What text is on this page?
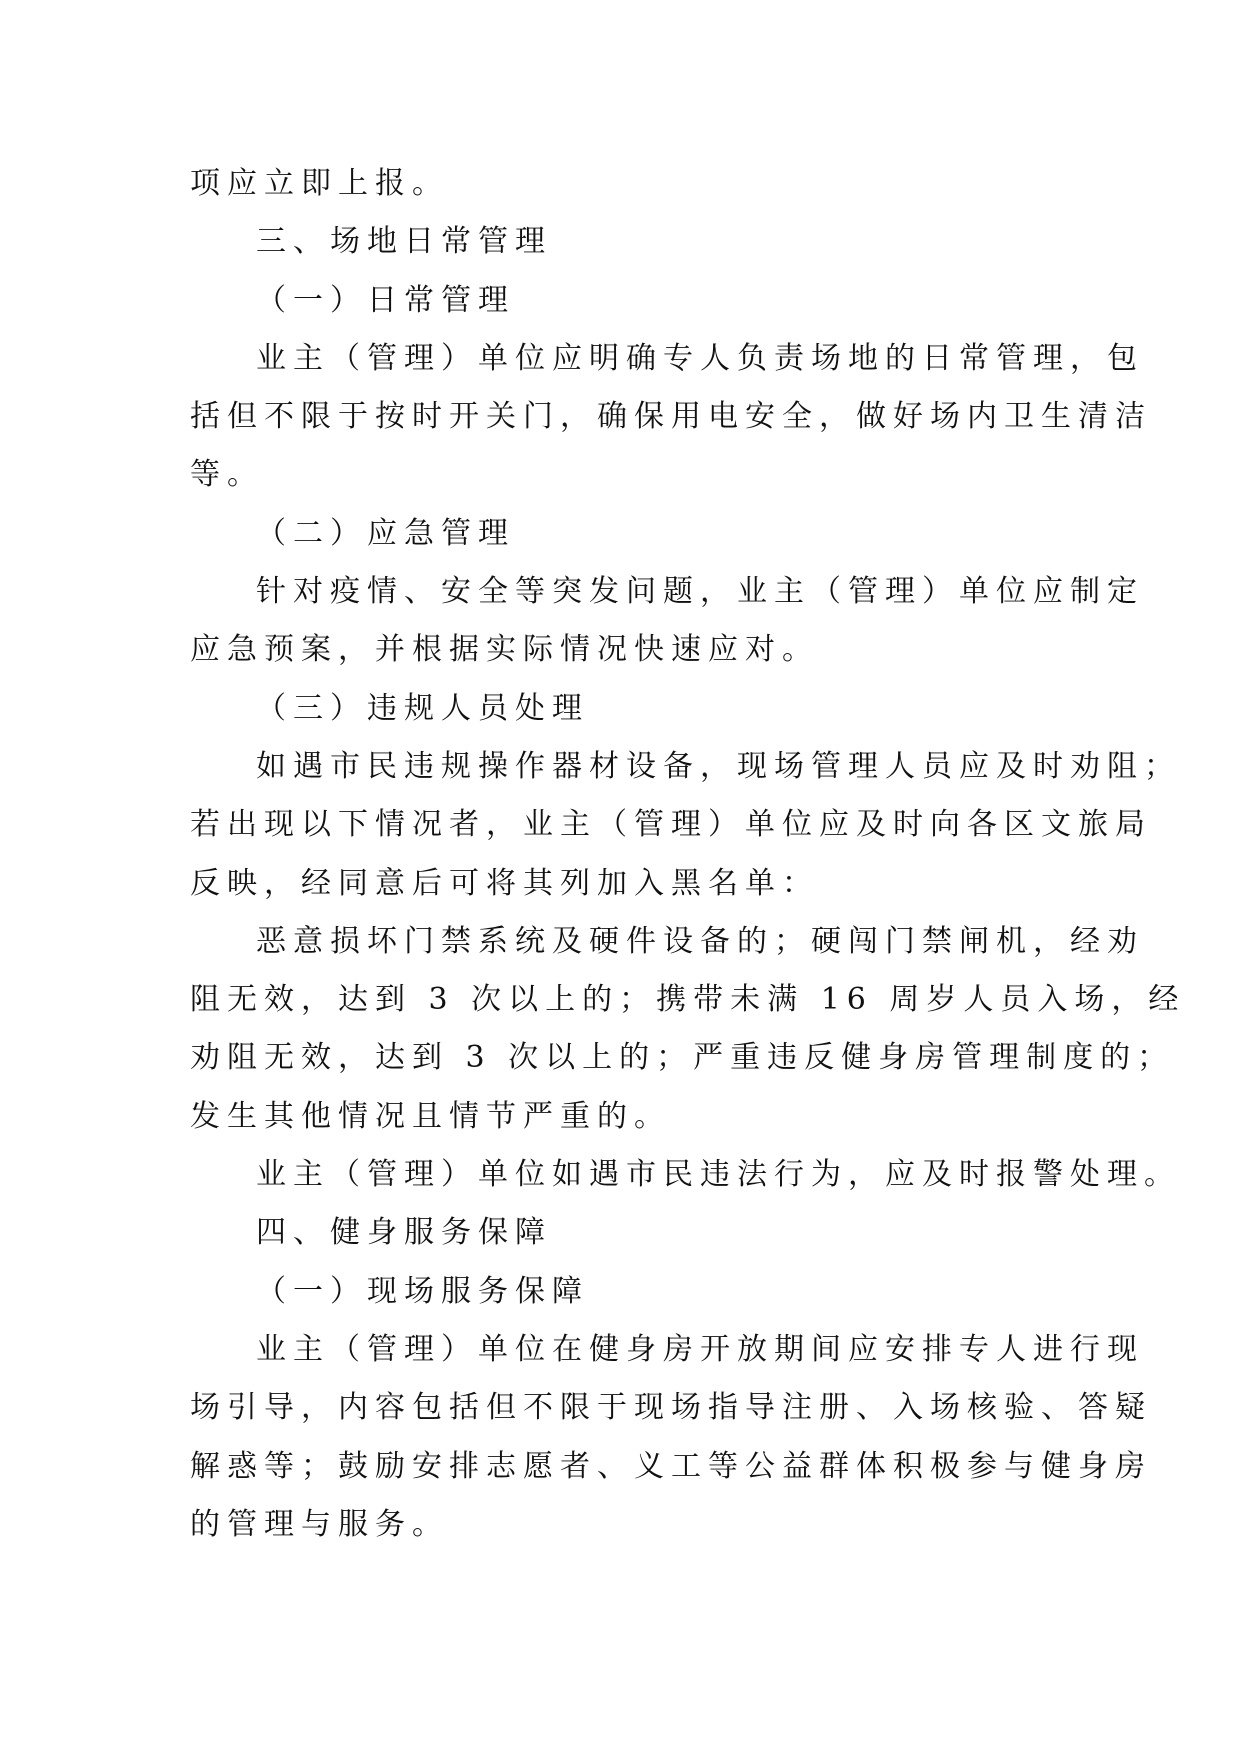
项应立即上报。
三、场地日常管理
（一）日常管理
业主（管理）单位应明确专人负责场地的日常管理，包
括但不限于按时开关门，确保用电安全，做好场内卫生清洁
等。
（二）应急管理
针对疫情、安全等突发问题，业主（管理）单位应制定
应急预案，并根据实际情况快速应对。
（三）违规人员处理
如遇市民违规操作器材设备，现场管理人员应及时劝阻；
若出现以下情况者，业主（管理）单位应及时向各区文旅局
反映，经同意后可将其列加入黑名单：
恶意损坏门禁系统及硬件设备的；硬闯门禁闸机，经劝
阻无效，达到 3 次以上的；携带未满 16 周岁人员入场，经
劝阻无效，达到 3 次以上的；严重违反健身房管理制度的；
发生其他情况且情节严重的。
业主（管理）单位如遇市民违法行为，应及时报警处理。
四、健身服务保障
（一）现场服务保障
业主（管理）单位在健身房开放期间应安排专人进行现
场引导，内容包括但不限于现场指导注册、入场核验、答疑
解惑等；鼓励安排志愿者、义工等公益群体积极参与健身房
的管理与服务。
